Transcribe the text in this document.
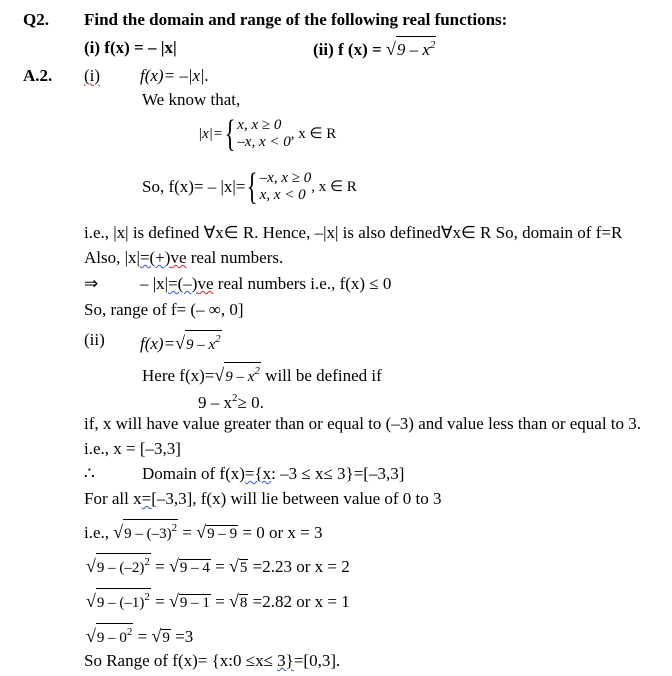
Q2. Find the domain and range of the following real functions:
(i) f(x) = – |x|	(ii) f $(x) = √9 - x^2$
A.2. (i) f(x)= –|x|.
We know that,
|x|={ x, x ≥ 0
–x, x < 0 , x ∈ R
So, f(x)= – |x|={ –x, x ≥ 0
x, x < 0 , x ∈ R
i.e., |x| is defined ∀x∈ R. Hence, –|x| is also defined∀x∈ R So, domain of f=R
Also, |x|=(+)ve real numbers.
⇒ – |x|=(–)ve real numbers i.e., f(x) ≤ 0
So, range of f= (– ∞, 0]
(ii) $f(x)=√9 - x^2$
Here $f(x)=√9 - x^2$ will be defined if
$9 - x^2\ge 0$.
if, x will have value greater than or equal to (–3) and value less than or equal to 3.
i.e., x = [–3,3]
∴	Domain of f(x)={x: –3 ≤ x≤ 3}=[–3,3]
For all x=[–3,3], f(x) will lie between value of 0 to 3
i.e., $√9 - (-3)^2 = √9 - 9 = 0$ or x = 3
$√9 - (-2)^2 = √9 - 4 = √5 =2.23$ or x = 2
$√9 - (-1)^2 = √9 - 1 = √8 =2.82$ or x = 1
$√9 - 0^2 = √9 =3$
So Range of f(x)= {x:0 ≤x≤ 3}=[0,3].
